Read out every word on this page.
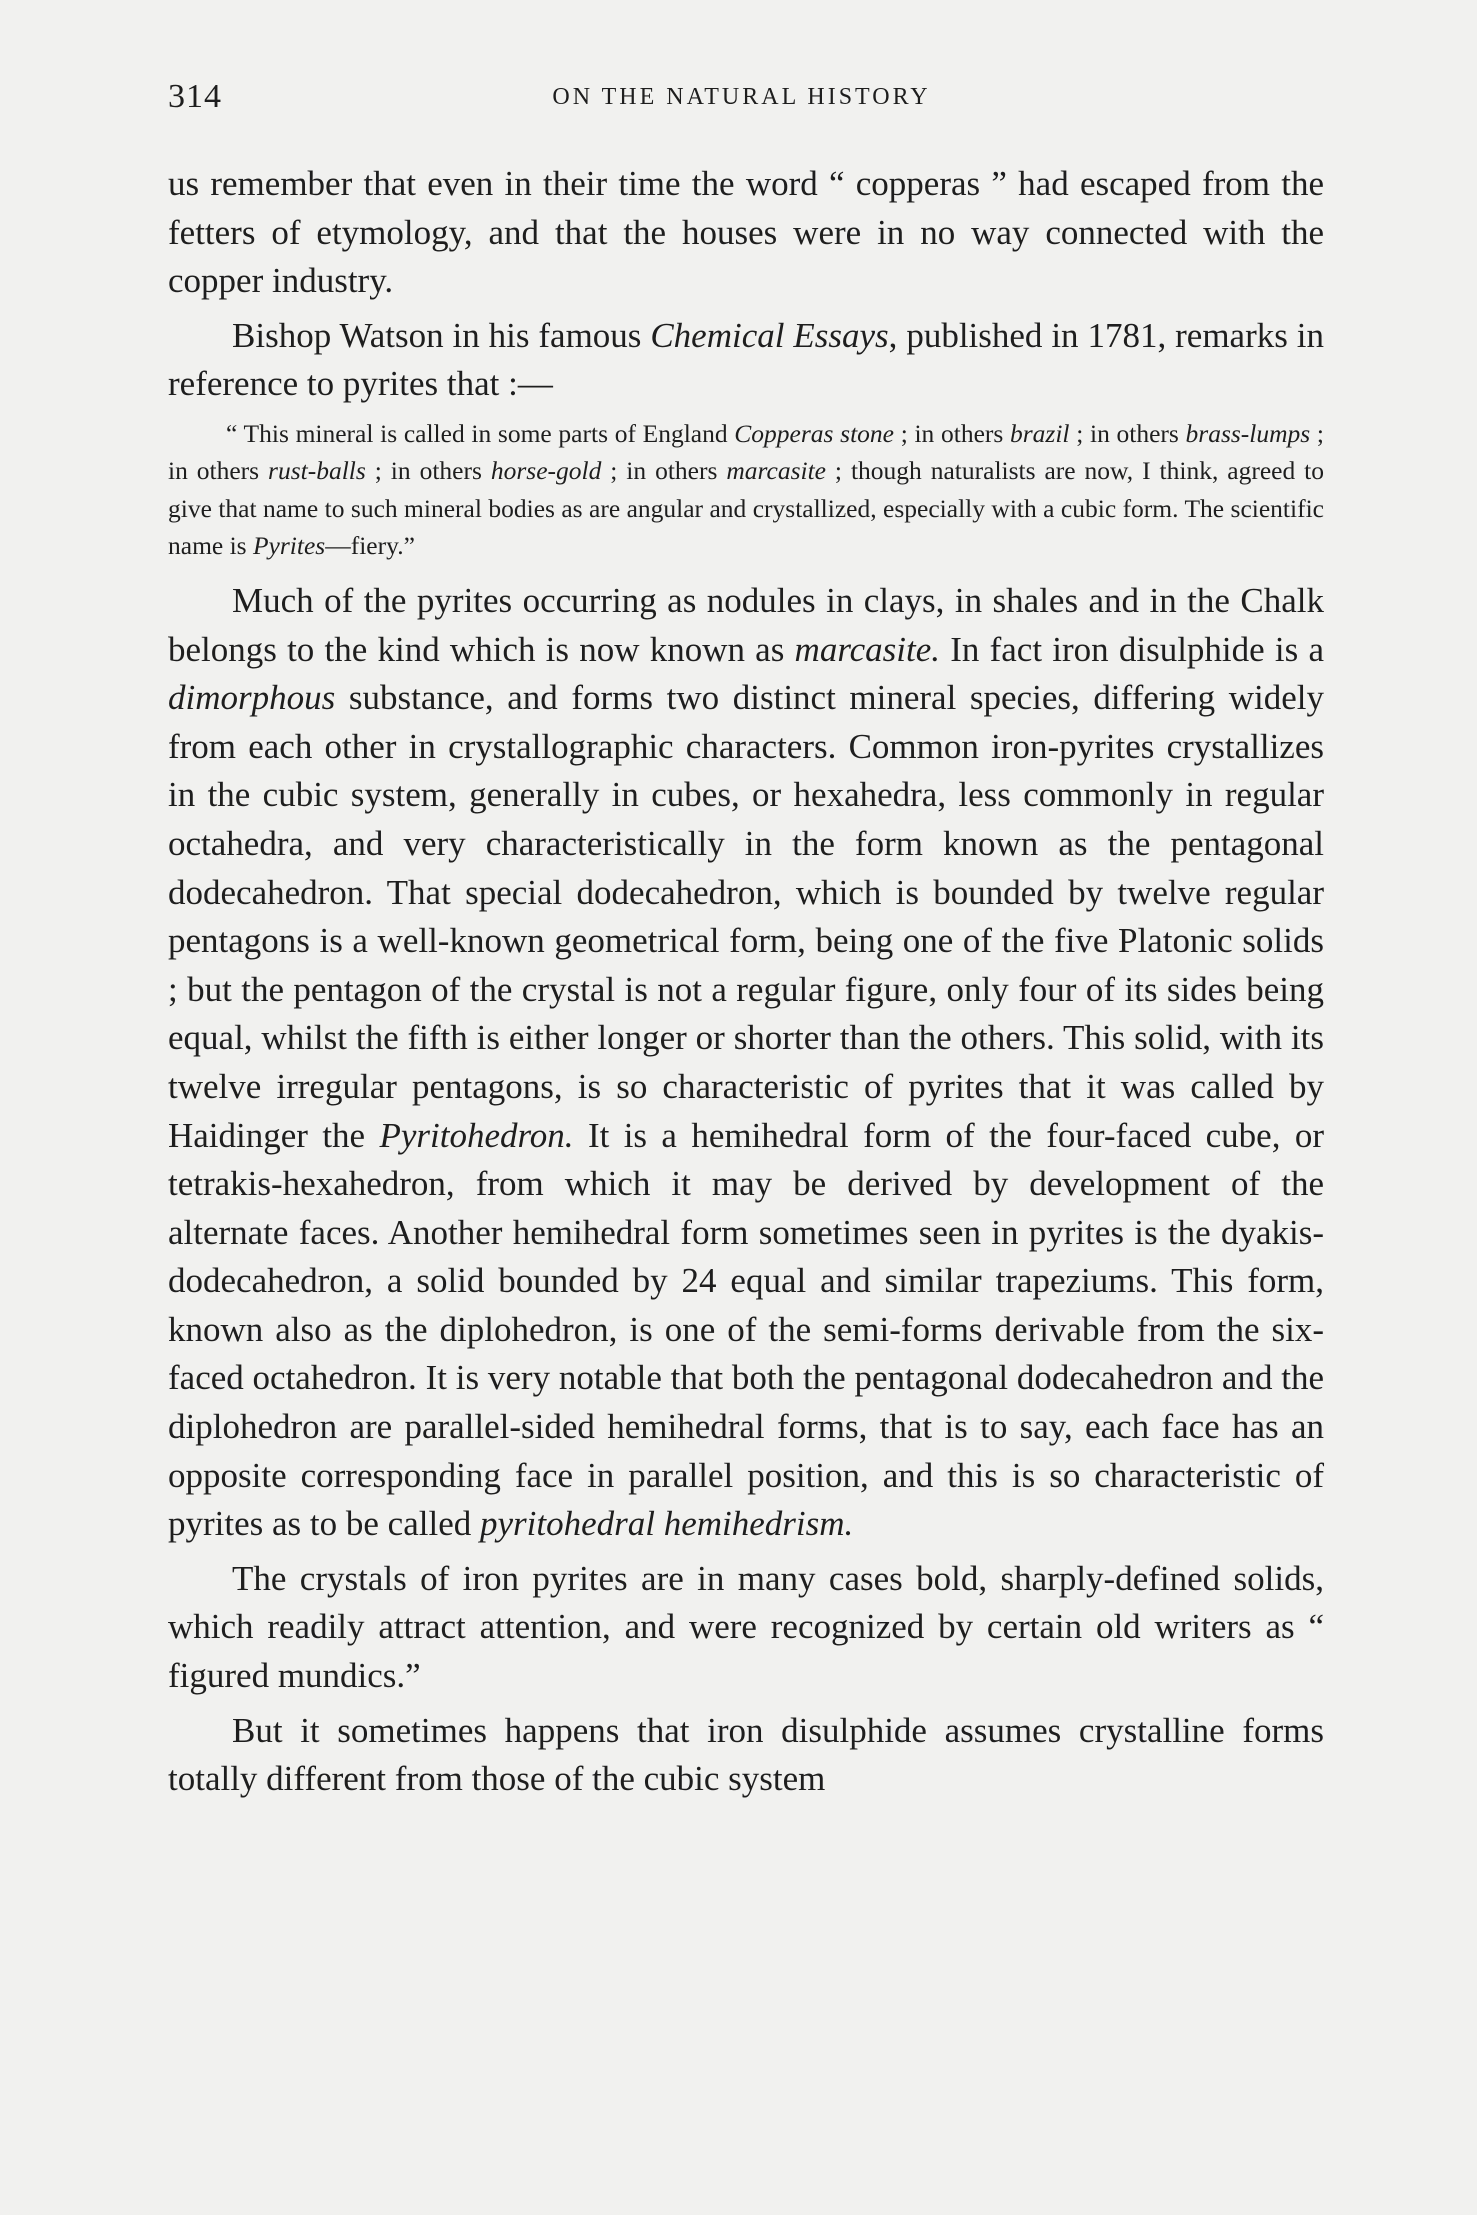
314	ON THE NATURAL HISTORY

us remember that even in their time the word “ copperas ” had escaped from the fetters of etymology, and that the houses were in no way connected with the copper industry.

Bishop Watson in his famous Chemical Essays, published in 1781, remarks in reference to pyrites that :—

“ This mineral is called in some parts of England Copperas stone ; in others brazil ; in others brass-lumps ; in others rust-balls ; in others horse-gold ; in others marcasite ; though naturalists are now, I think, agreed to give that name to such mineral bodies as are angular and crystallized, especially with a cubic form. The scientific name is Pyrites—fiery.”

Much of the pyrites occurring as nodules in clays, in shales and in the Chalk belongs to the kind which is now known as marcasite. In fact iron disulphide is a dimorphous substance, and forms two distinct mineral species, differing widely from each other in crystallographic characters. Common iron-pyrites crystallizes in the cubic system, generally in cubes, or hexahedra, less commonly in regular octahedra, and very characteristically in the form known as the pentagonal dodecahedron. That special dodecahedron, which is bounded by twelve regular pentagons is a well-known geometrical form, being one of the five Platonic solids ; but the pentagon of the crystal is not a regular figure, only four of its sides being equal, whilst the fifth is either longer or shorter than the others. This solid, with its twelve irregular pentagons, is so characteristic of pyrites that it was called by Haidinger the Pyritohedron. It is a hemihedral form of the four-faced cube, or tetrakis-hexahedron, from which it may be derived by development of the alternate faces. Another hemihedral form sometimes seen in pyrites is the dyakis-dodecahedron, a solid bounded by 24 equal and similar trapeziums. This form, known also as the diplohedron, is one of the semi-forms derivable from the six-faced octahedron. It is very notable that both the pentagonal dodecahedron and the diplohedron are parallel-sided hemihedral forms, that is to say, each face has an opposite corresponding face in parallel position, and this is so characteristic of pyrites as to be called pyritohedral hemihedrism.

The crystals of iron pyrites are in many cases bold, sharply-defined solids, which readily attract attention, and were recognized by certain old writers as “ figured mundics.”

But it sometimes happens that iron disulphide assumes crystalline forms totally different from those of the cubic system
